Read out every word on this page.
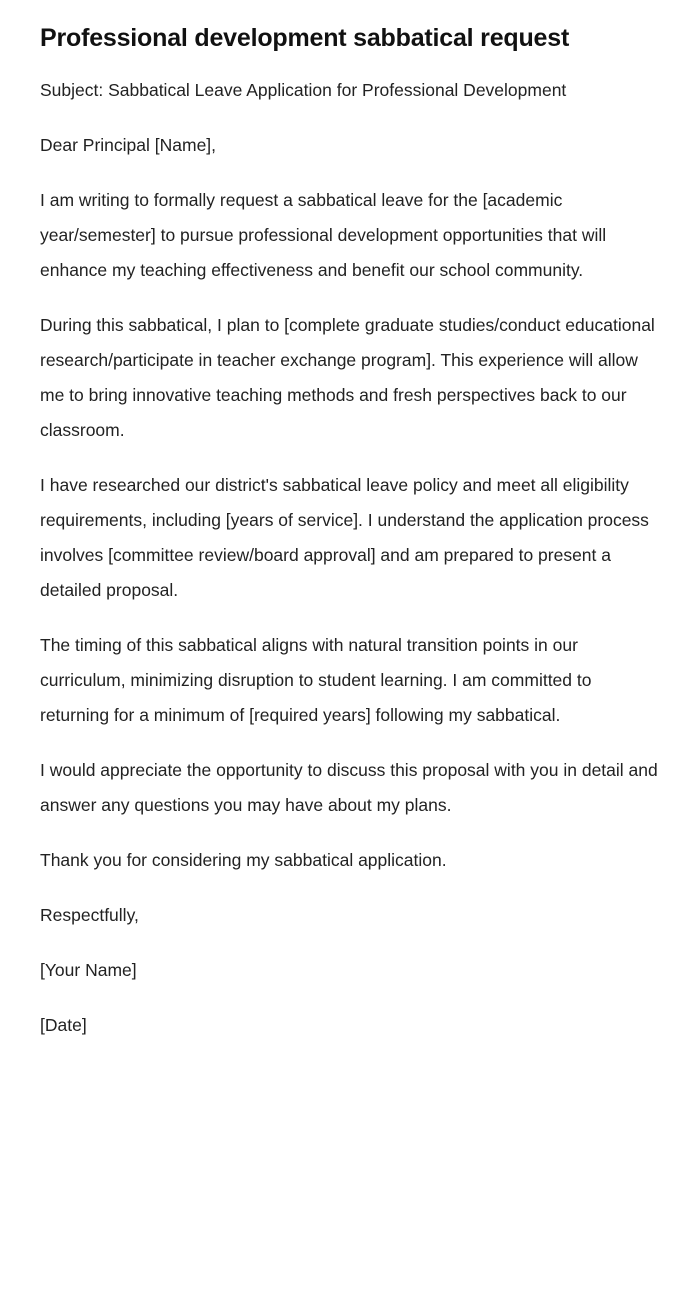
Professional development sabbatical request

Subject: Sabbatical Leave Application for Professional Development

Dear Principal [Name],

I am writing to formally request a sabbatical leave for the [academic year/semester] to pursue professional development opportunities that will enhance my teaching effectiveness and benefit our school community.

During this sabbatical, I plan to [complete graduate studies/conduct educational research/participate in teacher exchange program]. This experience will allow me to bring innovative teaching methods and fresh perspectives back to our classroom.

I have researched our district's sabbatical leave policy and meet all eligibility requirements, including [years of service]. I understand the application process involves [committee review/board approval] and am prepared to present a detailed proposal.

The timing of this sabbatical aligns with natural transition points in our curriculum, minimizing disruption to student learning. I am committed to returning for a minimum of [required years] following my sabbatical.

I would appreciate the opportunity to discuss this proposal with you in detail and answer any questions you may have about my plans.

Thank you for considering my sabbatical application.

Respectfully,

[Your Name]

[Date]
